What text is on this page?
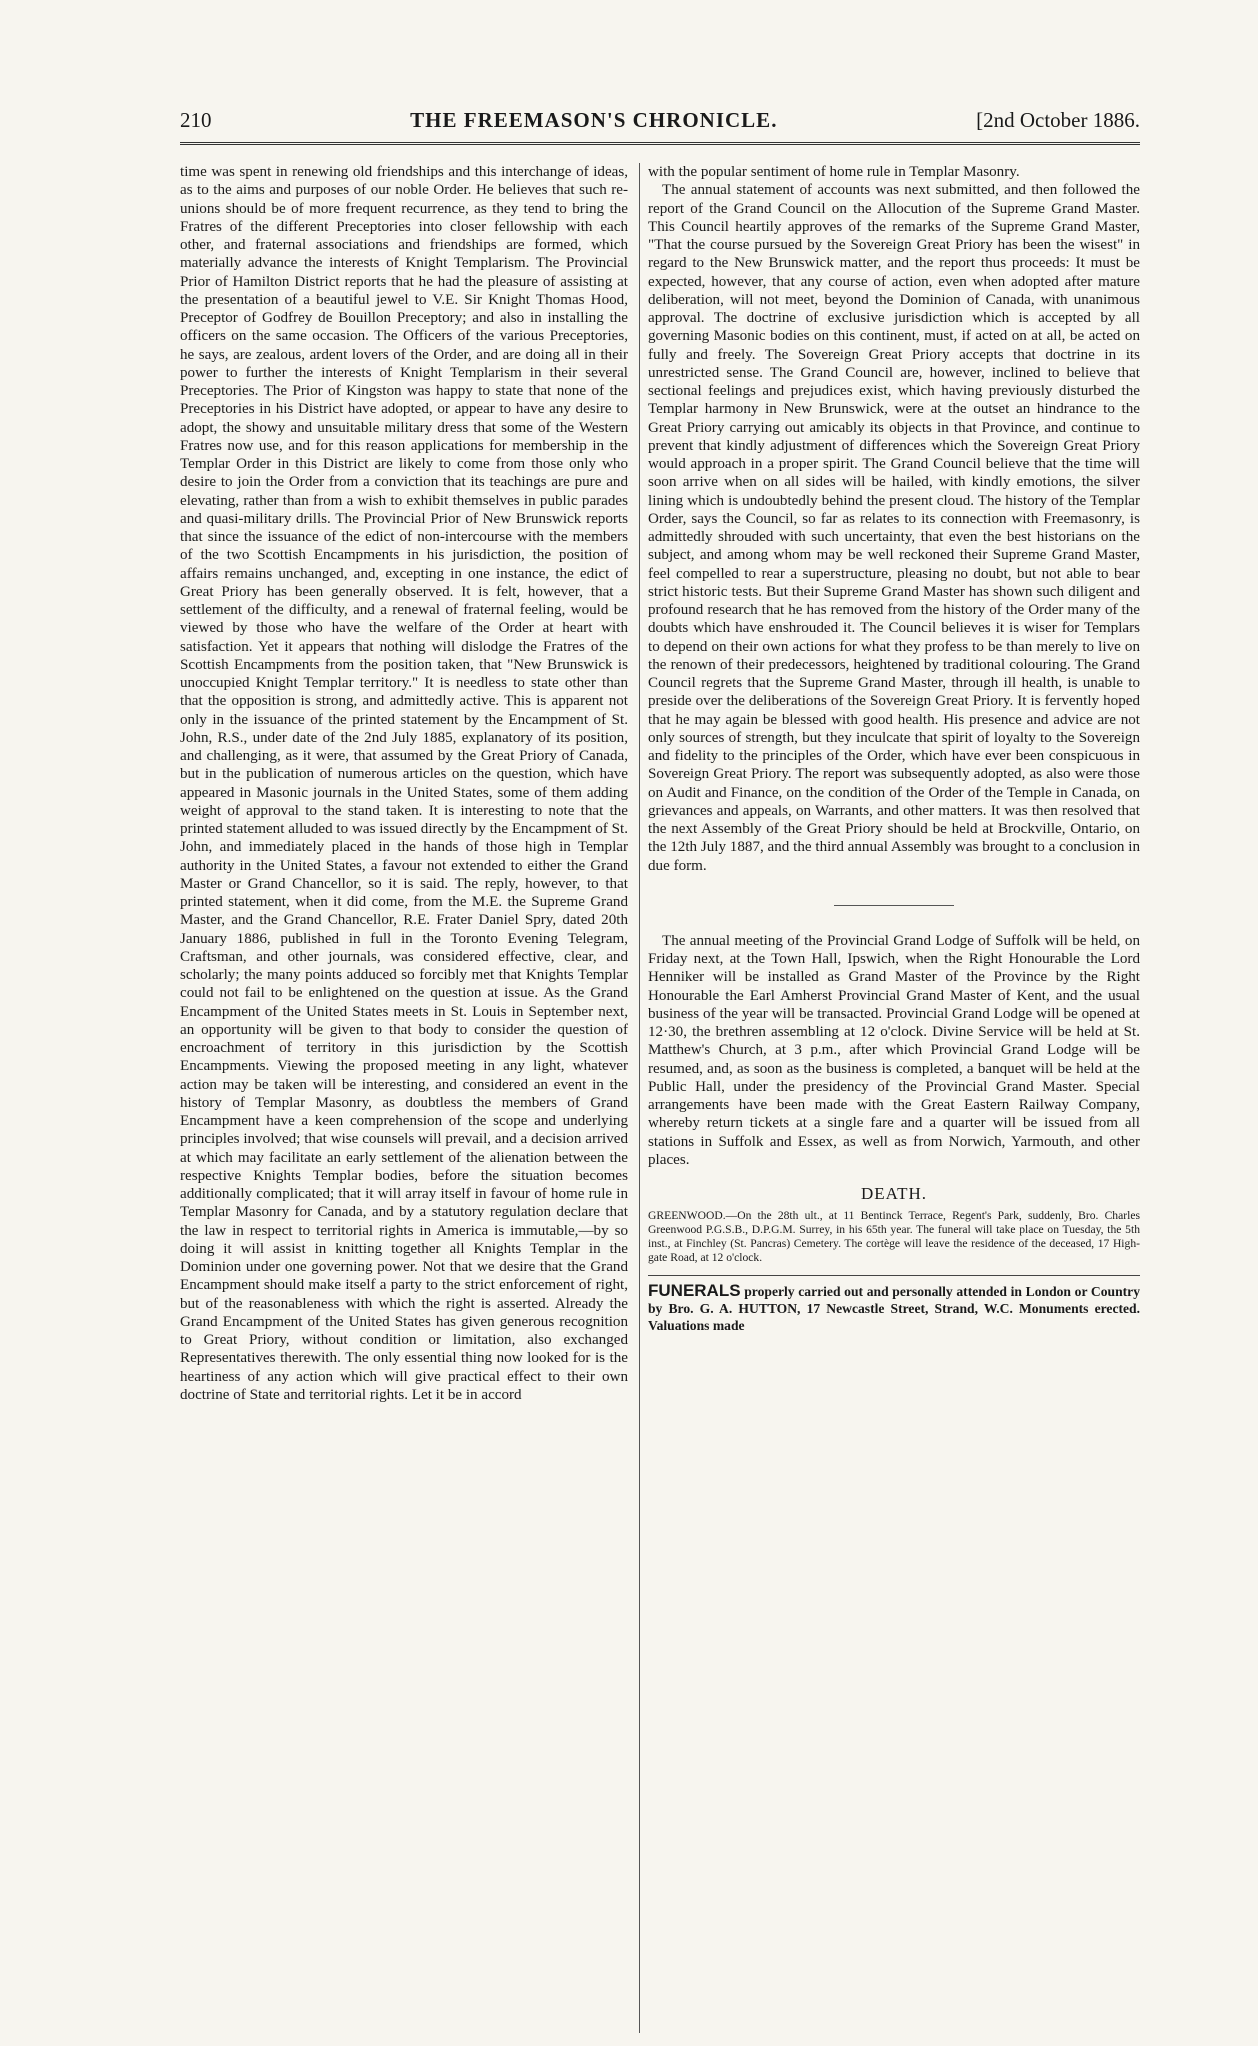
210	THE FREEMASON'S CHRONICLE.	[2nd October 1886.

time was spent in renewing old friendships and this interchange of ideas, as to the aims and purposes of our noble Order. He believes that such re-unions should be of more frequent recurrence, as they tend to bring the Fratres of the different Preceptories into closer fellowship with each other, and fraternal associations and friendships are formed, which materially advance the interests of Knight Templarism. The Provincial Prior of Hamilton District reports that he had the pleasure of assisting at the presentation of a beautiful jewel to V.E. Sir Knight Thomas Hood, Preceptor of Godfrey de Bouillon Preceptory; and also in installing the officers on the same occasion. The Officers of the various Preceptories, he says, are zealous, ardent lovers of the Order, and are doing all in their power to further the interests of Knight Templarism in their several Preceptories. The Prior of Kingston was happy to state that none of the Preceptories in his District have adopted, or appear to have any desire to adopt, the showy and unsuitable military dress that some of the Western Fratres now use, and for this reason applications for membership in the Templar Order in this District are likely to come from those only who desire to join the Order from a conviction that its teachings are pure and elevating, rather than from a wish to exhibit themselves in public parades and quasi-military drills. The Provincial Prior of New Brunswick reports that since the issuance of the edict of non-intercourse with the members of the two Scottish Encampments in his jurisdiction, the position of affairs remains unchanged, and, excepting in one instance, the edict of Great Priory has been generally observed. It is felt, however, that a settlement of the difficulty, and a renewal of fraternal feeling, would be viewed by those who have the welfare of the Order at heart with satisfaction. Yet it appears that nothing will dislodge the Fratres of the Scottish Encampments from the position taken, that "New Brunswick is unoccupied Knight Templar territory." It is needless to state other than that the opposition is strong, and admittedly active. This is apparent not only in the issuance of the printed statement by the Encampment of St. John, R.S., under date of the 2nd July 1885, explanatory of its position, and challenging, as it were, that assumed by the Great Priory of Canada, but in the publication of numerous articles on the question, which have appeared in Masonic journals in the United States, some of them adding weight of approval to the stand taken. It is interesting to note that the printed statement alluded to was issued directly by the Encampment of St. John, and immediately placed in the hands of those high in Templar authority in the United States, a favour not extended to either the Grand Master or Grand Chancellor, so it is said. The reply, however, to that printed statement, when it did come, from the M.E. the Supreme Grand Master, and the Grand Chancellor, R.E. Frater Daniel Spry, dated 20th January 1886, published in full in the Toronto Evening Telegram, Craftsman, and other journals, was considered effective, clear, and scholarly; the many points adduced so forcibly met that Knights Templar could not fail to be enlightened on the question at issue. As the Grand Encampment of the United States meets in St. Louis in September next, an opportunity will be given to that body to consider the question of encroachment of territory in this jurisdiction by the Scottish Encampments. Viewing the proposed meeting in any light, whatever action may be taken will be interesting, and considered an event in the history of Templar Masonry, as doubtless the members of Grand Encampment have a keen comprehension of the scope and underlying principles involved; that wise counsels will prevail, and a decision arrived at which may facilitate an early settlement of the alienation between the respective Knights Templar bodies, before the situation becomes additionally complicated; that it will array itself in favour of home rule in Templar Masonry for Canada, and by a statutory regulation declare that the law in respect to territorial rights in America is immutable,—by so doing it will assist in knitting together all Knights Templar in the Dominion under one governing power. Not that we desire that the Grand Encampment should make itself a party to the strict enforcement of right, but of the reasonableness with which the right is asserted. Already the Grand Encampment of the United States has given generous recognition to Great Priory, without condition or limitation, also exchanged Representatives therewith. The only essential thing now looked for is the heartiness of any action which will give practical effect to their own doctrine of State and territorial rights. Let it be in accord

with the popular sentiment of home rule in Templar Masonry.

The annual statement of accounts was next submitted, and then followed the report of the Grand Council on the Allocution of the Supreme Grand Master. This Council heartily approves of the remarks of the Supreme Grand Master, "That the course pursued by the Sovereign Great Priory has been the wisest" in regard to the New Brunswick matter, and the report thus proceeds: It must be expected, however, that any course of action, even when adopted after mature deliberation, will not meet, beyond the Dominion of Canada, with unanimous approval. The doctrine of exclusive jurisdiction which is accepted by all governing Masonic bodies on this continent, must, if acted on at all, be acted on fully and freely. The Sovereign Great Priory accepts that doctrine in its unrestricted sense. The Grand Council are, however, inclined to believe that sectional feelings and prejudices exist, which having previously disturbed the Templar harmony in New Brunswick, were at the outset an hindrance to the Great Priory carrying out amicably its objects in that Province, and continue to prevent that kindly adjustment of differences which the Sovereign Great Priory would approach in a proper spirit. The Grand Council believe that the time will soon arrive when on all sides will be hailed, with kindly emotions, the silver lining which is undoubtedly behind the present cloud. The history of the Templar Order, says the Council, so far as relates to its connection with Freemasonry, is admittedly shrouded with such uncertainty, that even the best historians on the subject, and among whom may be well reckoned their Supreme Grand Master, feel compelled to rear a superstructure, pleasing no doubt, but not able to bear strict historic tests. But their Supreme Grand Master has shown such diligent and profound research that he has removed from the history of the Order many of the doubts which have enshrouded it. The Council believes it is wiser for Templars to depend on their own actions for what they profess to be than merely to live on the renown of their predecessors, heightened by traditional colouring. The Grand Council regrets that the Supreme Grand Master, through ill health, is unable to preside over the deliberations of the Sovereign Great Priory. It is fervently hoped that he may again be blessed with good health. His presence and advice are not only sources of strength, but they inculcate that spirit of loyalty to the Sovereign and fidelity to the principles of the Order, which have ever been conspicuous in Sovereign Great Priory. The report was subsequently adopted, as also were those on Audit and Finance, on the condition of the Order of the Temple in Canada, on grievances and appeals, on Warrants, and other matters. It was then resolved that the next Assembly of the Great Priory should be held at Brockville, Ontario, on the 12th July 1887, and the third annual Assembly was brought to a conclusion in due form.

The annual meeting of the Provincial Grand Lodge of Suffolk will be held, on Friday next, at the Town Hall, Ipswich, when the Right Honourable the Lord Henniker will be installed as Grand Master of the Province by the Right Honourable the Earl Amherst Provincial Grand Master of Kent, and the usual business of the year will be transacted. Provincial Grand Lodge will be opened at 12·30, the brethren assembling at 12 o'clock. Divine Service will be held at St. Matthew's Church, at 3 p.m., after which Provincial Grand Lodge will be resumed, and, as soon as the business is completed, a banquet will be held at the Public Hall, under the presidency of the Provincial Grand Master. Special arrangements have been made with the Great Eastern Railway Company, whereby return tickets at a single fare and a quarter will be issued from all stations in Suffolk and Essex, as well as from Norwich, Yarmouth, and other places.

DEATH.

GREENWOOD.—On the 28th ult., at 11 Bentinck Terrace, Regent's Park, suddenly, Bro. Charles Greenwood P.G.S.B., D.P.G.M. Surrey, in his 65th year. The funeral will take place on Tuesday, the 5th inst., at Finchley (St. Pancras) Cemetery. The cortège will leave the residence of the deceased, 17 High-gate Road, at 12 o'clock.

FUNERALS properly carried out and personally attended in London or Country by Bro. G. A. HUTTON, 17 Newcastle Street, Strand, W.C. Monuments erected. Valuations made
